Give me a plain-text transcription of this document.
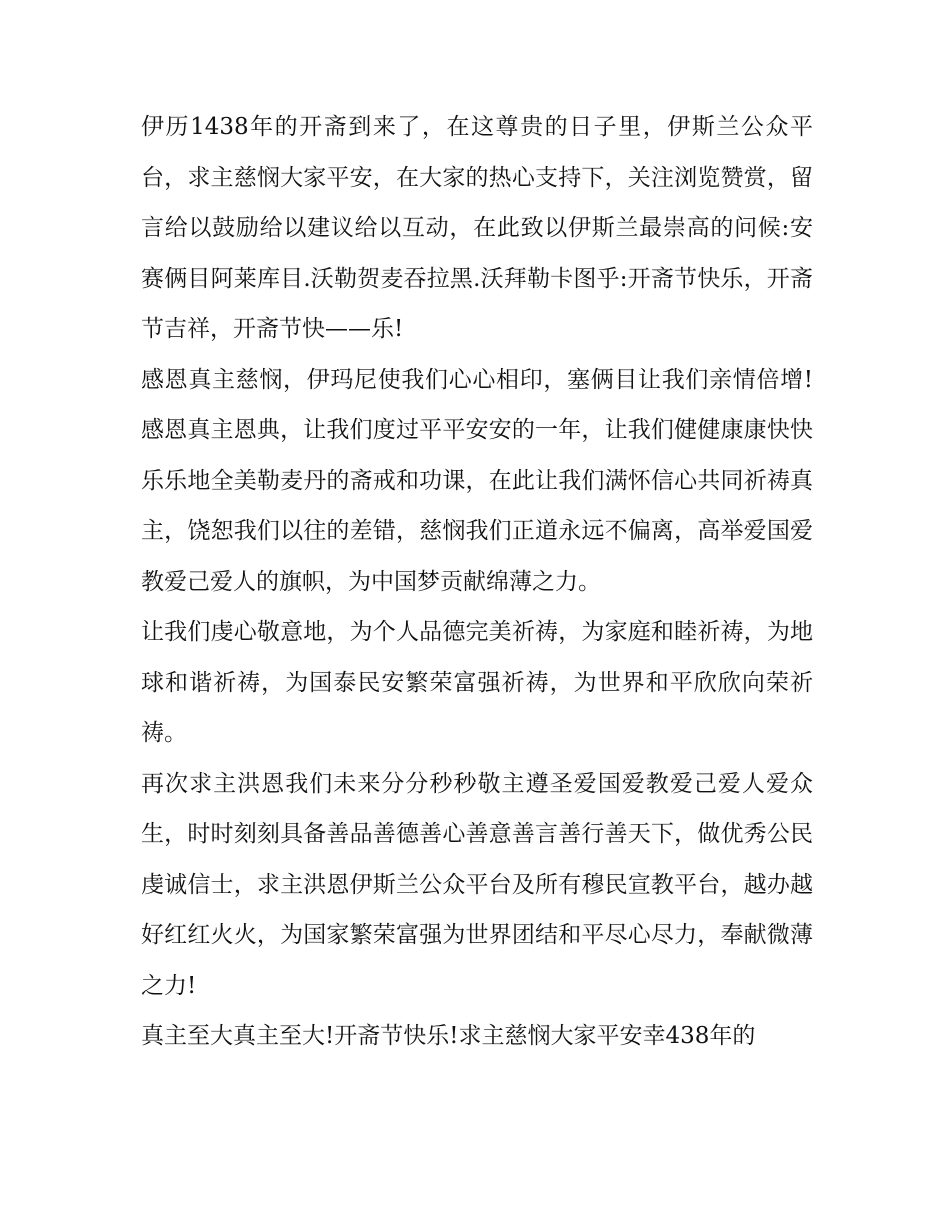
伊历1438年的开斋到来了，在这尊贵的日子里，伊斯兰公众平台，求主慈悯大家平安，在大家的热心支持下，关注浏览赞赏，留言给以鼓励给以建议给以互动，在此致以伊斯兰最崇高的问候:安赛俩目阿莱库目.沃勒贺麦吞拉黑.沃拜勒卡图乎:开斋节快乐，开斋节吉祥，开斋节快——乐!

感恩真主慈悯，伊玛尼使我们心心相印，塞俩目让我们亲情倍增!感恩真主恩典，让我们度过平平安安的一年，让我们健健康康快快乐乐地全美勒麦丹的斋戒和功课，在此让我们满怀信心共同祈祷真主，饶恕我们以往的差错，慈悯我们正道永远不偏离，高举爱国爱教爱己爱人的旗帜，为中国梦贡献绵薄之力。

让我们虔心敬意地，为个人品德完美祈祷，为家庭和睦祈祷，为地球和谐祈祷，为国泰民安繁荣富强祈祷，为世界和平欣欣向荣祈祷。

再次求主洪恩我们未来分分秒秒敬主遵圣爱国爱教爱己爱人爱众生，时时刻刻具备善品善德善心善意善言善行善天下，做优秀公民虔诚信士，求主洪恩伊斯兰公众平台及所有穆民宣教平台，越办越好红红火火，为国家繁荣富强为世界团结和平尽心尽力，奉献微薄之力!

真主至大真主至大!开斋节快乐!求主慈悯大家平安幸438年的
